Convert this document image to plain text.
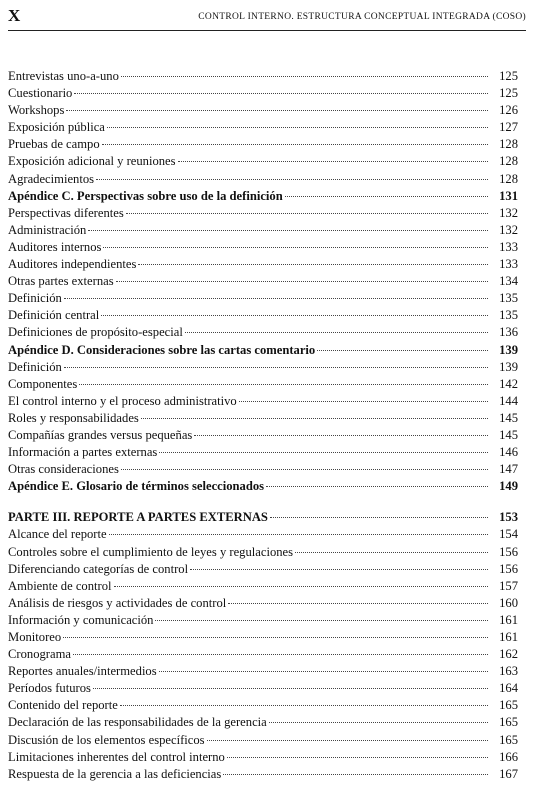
X	CONTROL INTERNO. ESTRUCTURA CONCEPTUAL INTEGRADA (COSO)
Entrevistas uno-a-uno	125
Cuestionario	125
Workshops	126
Exposición pública	127
Pruebas de campo	128
Exposición adicional y reuniones	128
Agradecimientos	128
Apéndice C. Perspectivas sobre uso de la definición	131
Perspectivas diferentes	132
Administración	132
Auditores internos	133
Auditores independientes	133
Otras partes externas	134
Definición	135
Definición central	135
Definiciones de propósito-especial	136
Apéndice D. Consideraciones sobre las cartas comentario	139
Definición	139
Componentes	142
El control interno y el proceso administrativo	144
Roles y responsabilidades	145
Compañías grandes versus pequeñas	145
Información a partes externas	146
Otras consideraciones	147
Apéndice E. Glosario de términos seleccionados	149
PARTE III. REPORTE A PARTES EXTERNAS	153
Alcance del reporte	154
Controles sobre el cumplimiento de leyes y regulaciones	156
Diferenciando categorías de control	156
Ambiente de control	157
Análisis de riesgos y actividades de control	160
Información y comunicación	161
Monitoreo	161
Cronograma	162
Reportes anuales/intermedios	163
Períodos futuros	164
Contenido del reporte	165
Declaración de las responsabilidades de la gerencia	165
Discusión de los elementos específicos	165
Limitaciones inherentes del control interno	166
Respuesta de la gerencia a las deficiencias	167
